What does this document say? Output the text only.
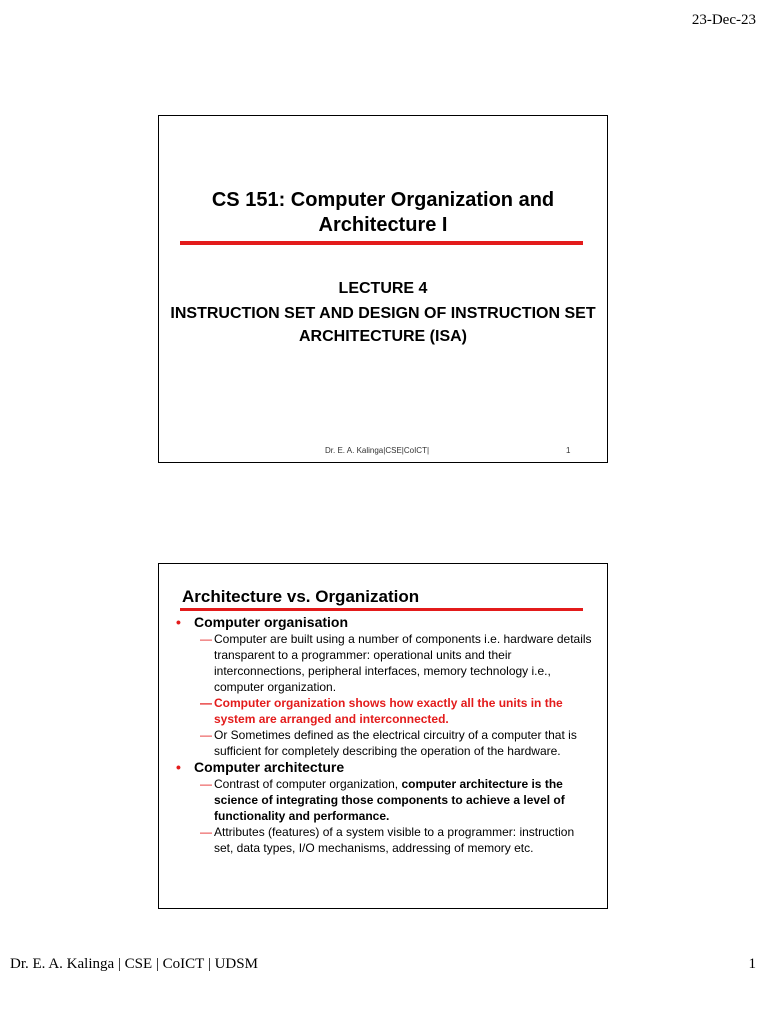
23-Dec-23
CS 151: Computer Organization and Architecture I
LECTURE 4
INSTRUCTION SET AND DESIGN OF INSTRUCTION SET ARCHITECTURE (ISA)
Dr. E. A. Kalinga|CSE|CoICT|	1
Architecture vs. Organization
• Computer organisation
— Computer are built using a number of components i.e. hardware details transparent to a programmer: operational units and their interconnections, peripheral interfaces, memory technology i.e., computer organization.
— Computer organization shows how exactly all the units in the system are arranged and interconnected.
— Or Sometimes defined as the electrical circuitry of a computer that is sufficient for completely describing the operation of the hardware.
• Computer architecture
— Contrast of computer organization, computer architecture is the science of integrating those components to achieve a level of functionality and performance.
— Attributes (features) of a system visible to a programmer: instruction set, data types, I/O mechanisms, addressing of memory etc.
Dr. E. A. Kalinga | CSE | CoICT | UDSM	1
